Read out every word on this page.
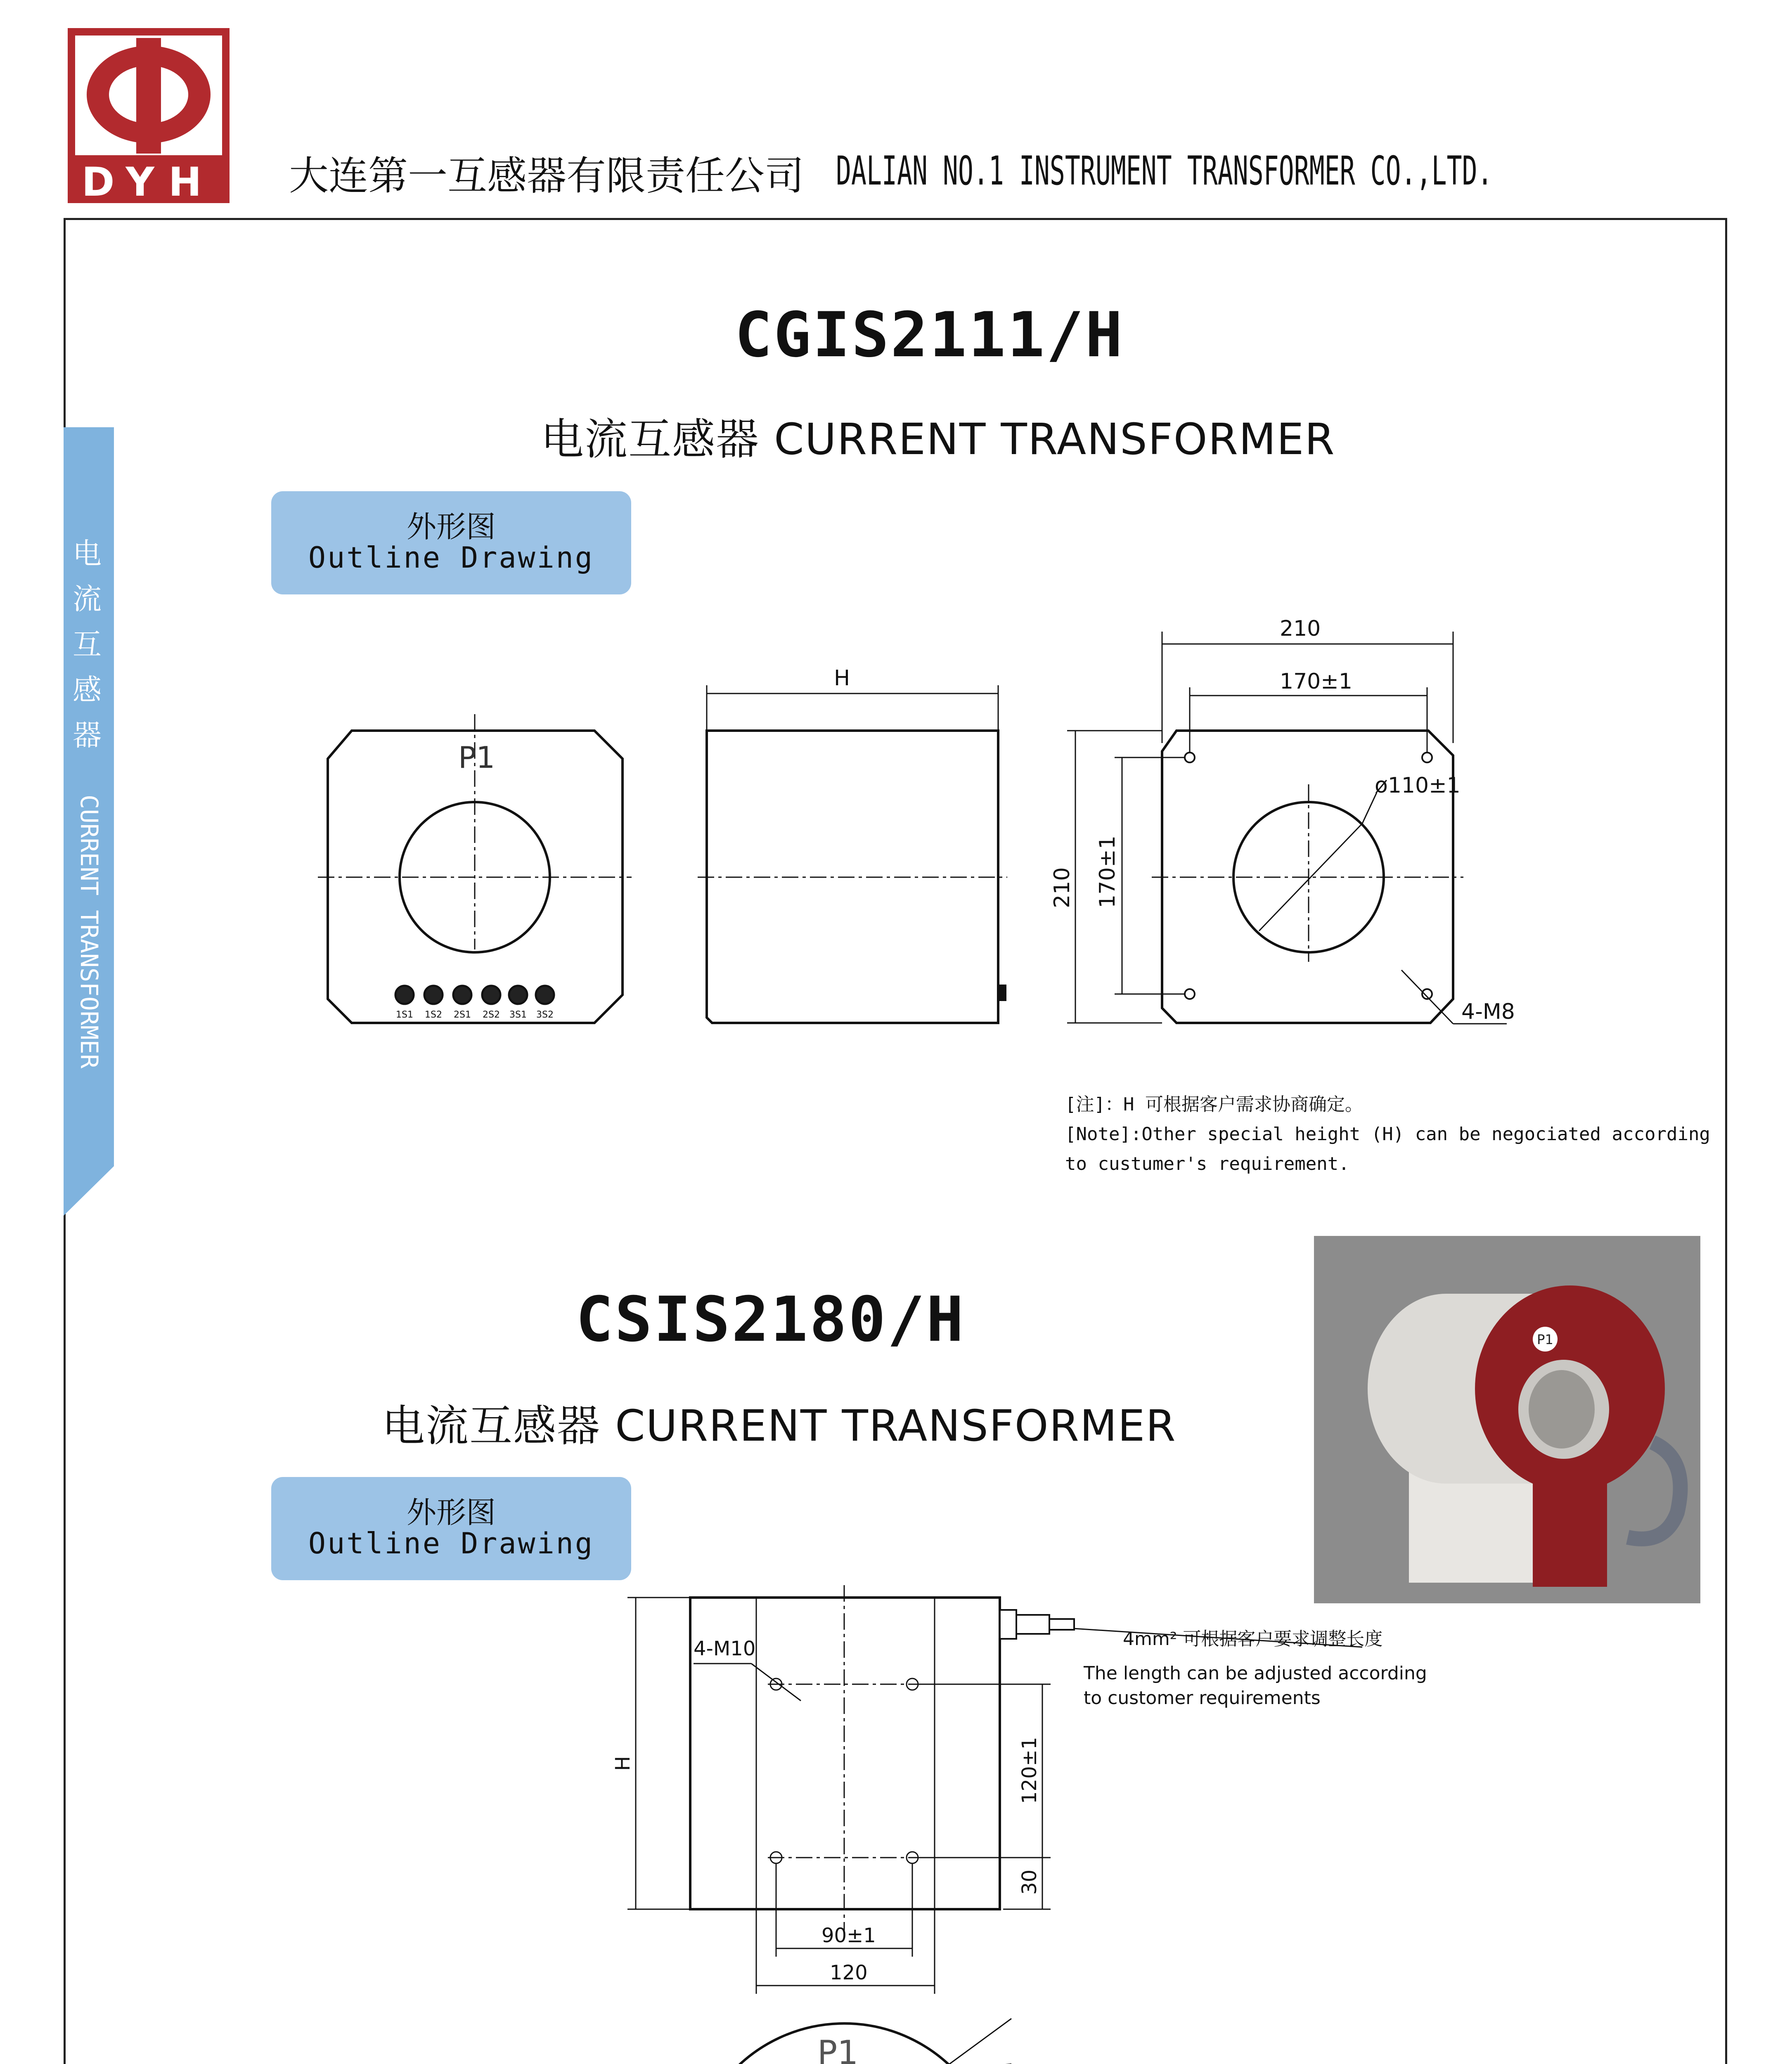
DYH 大连第一互感器有限责任公司 DALIAN NO.1 INSTRUMENT TRANSFORMER CO.,LTD.
电
流
互
感
器
CURRENT TRANSFORMER
CGIS2111/H
电流互感器 CURRENT TRANSFORMER
外形图
Outline Drawing
1S1 1S2 2S1 2S2 3S1 3S2
P1
H
210
170±1
ø110±1
4-M8
210 170±1
[注]：H 可根据客户需求协商确定。
[Note]:Other special height (H) can be negociated according
to custumer's requirement.
CSIS2180/H
电流互感器 CURRENT TRANSFORMER
外形图
Outline Drawing
P1
H
4-M10
120±1
30
90±1
120
4mm² 可根据客户要求调整长度
The length can be adjusted according
to customer requirements
P1
